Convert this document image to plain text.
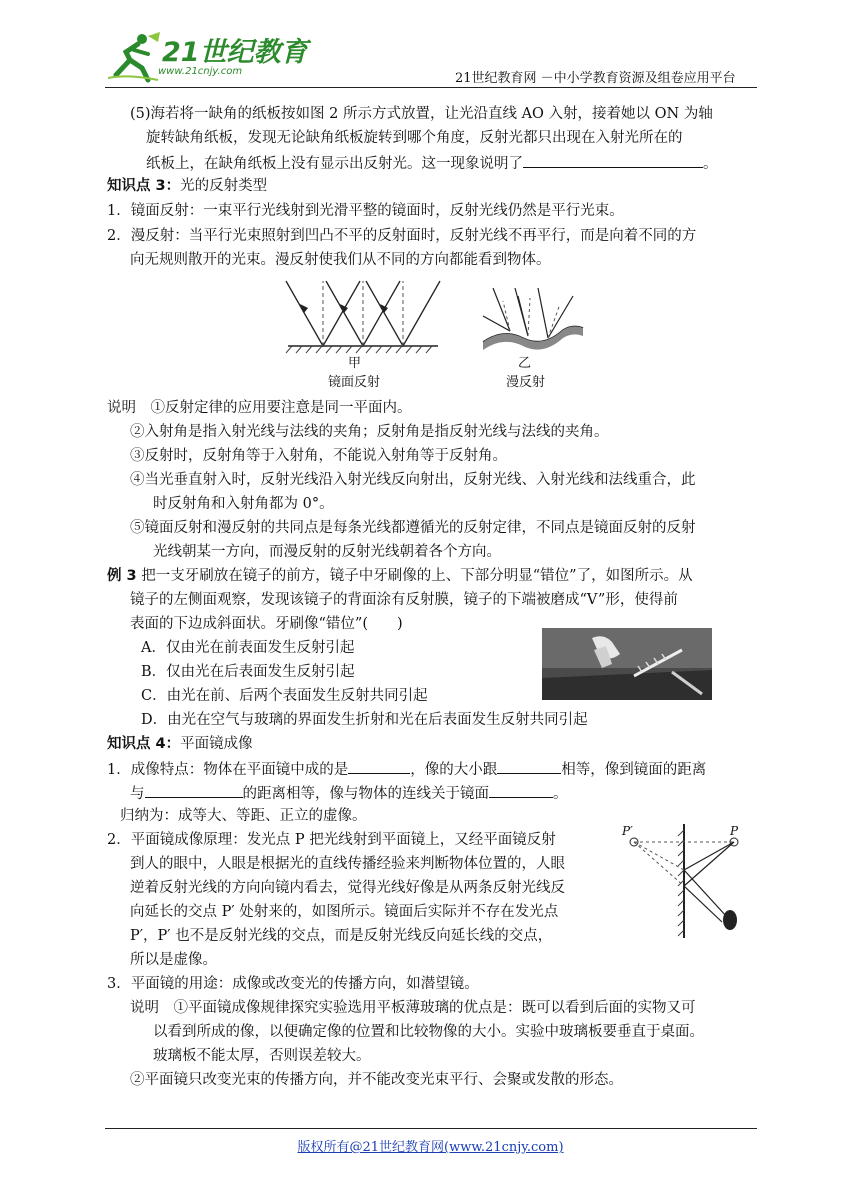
21世纪教育
www.21cnjy.com	21世纪教育网 －中小学教育资源及组卷应用平台
(5)海若将一缺角的纸板按如图 2 所示方式放置，让光沿直线 AO 入射，接着她以 ON 为轴
旋转缺角纸板，发现无论缺角纸板旋转到哪个角度，反射光都只出现在入射光所在的
纸板上，在缺角纸板上没有显示出反射光。这一现象说明了	。
知识点 3：光的反射类型
1．镜面反射：一束平行光线射到光滑平整的镜面时，反射光线仍然是平行光束。
2．漫反射：当平行光束照射到凹凸不平的反射面时，反射光线不再平行，而是向着不同的方
向无规则散开的光束。漫反射使我们从不同的方向都能看到物体。
甲
镜面反射
乙
漫反射
说明　①反射定律的应用要注意是同一平面内。
②入射角是指入射光线与法线的夹角；反射角是指反射光线与法线的夹角。
③反射时，反射角等于入射角，不能说入射角等于反射角。
④当光垂直射入时，反射光线沿入射光线反向射出，反射光线、入射光线和法线重合，此
时反射角和入射角都为 0°。
⑤镜面反射和漫反射的共同点是每条光线都遵循光的反射定律，不同点是镜面反射的反射
光线朝某一方向，而漫反射的反射光线朝着各个方向。
例 3 把一支牙刷放在镜子的前方，镜子中牙刷像的上、下部分明显“错位”了，如图所示。从
镜子的左侧面观察，发现该镜子的背面涂有反射膜，镜子的下端被磨成“V”形，使得前
表面的下边成斜面状。牙刷像“错位”(　　)
A．仅由光在前表面发生反射引起
B．仅由光在后表面发生反射引起
C．由光在前、后两个表面发生反射共同引起
D．由光在空气与玻璃的界面发生折射和光在后表面发生反射共同引起
知识点 4：平面镜成像
1．成像特点：物体在平面镜中成的是	，像的大小跟	相等，像到镜面的距离
与	的距离相等，像与物体的连线关于镜面	。
归纳为：成等大、等距、正立的虚像。
2．平面镜成像原理：发光点 P 把光线射到平面镜上，又经平面镜反射
到人的眼中，人眼是根据光的直线传播经验来判断物体位置的，人眼
逆着反射光线的方向向镜内看去，觉得光线好像是从两条反射光线反
向延长的交点 P′ 处射来的，如图所示。镜面后实际并不存在发光点
P′，P′ 也不是反射光线的交点，而是反射光线反向延长线的交点，
所以是虚像。
P′	P
3．平面镜的用途：成像或改变光的传播方向，如潜望镜。
说明　①平面镜成像规律探究实验选用平板薄玻璃的优点是：既可以看到后面的实物又可
以看到所成的像，以便确定像的位置和比较物像的大小。实验中玻璃板要垂直于桌面。
玻璃板不能太厚，否则误差较大。
②平面镜只改变光束的传播方向，并不能改变光束平行、会聚或发散的形态。
版权所有@21世纪教育网(www.21cnjy.com)
